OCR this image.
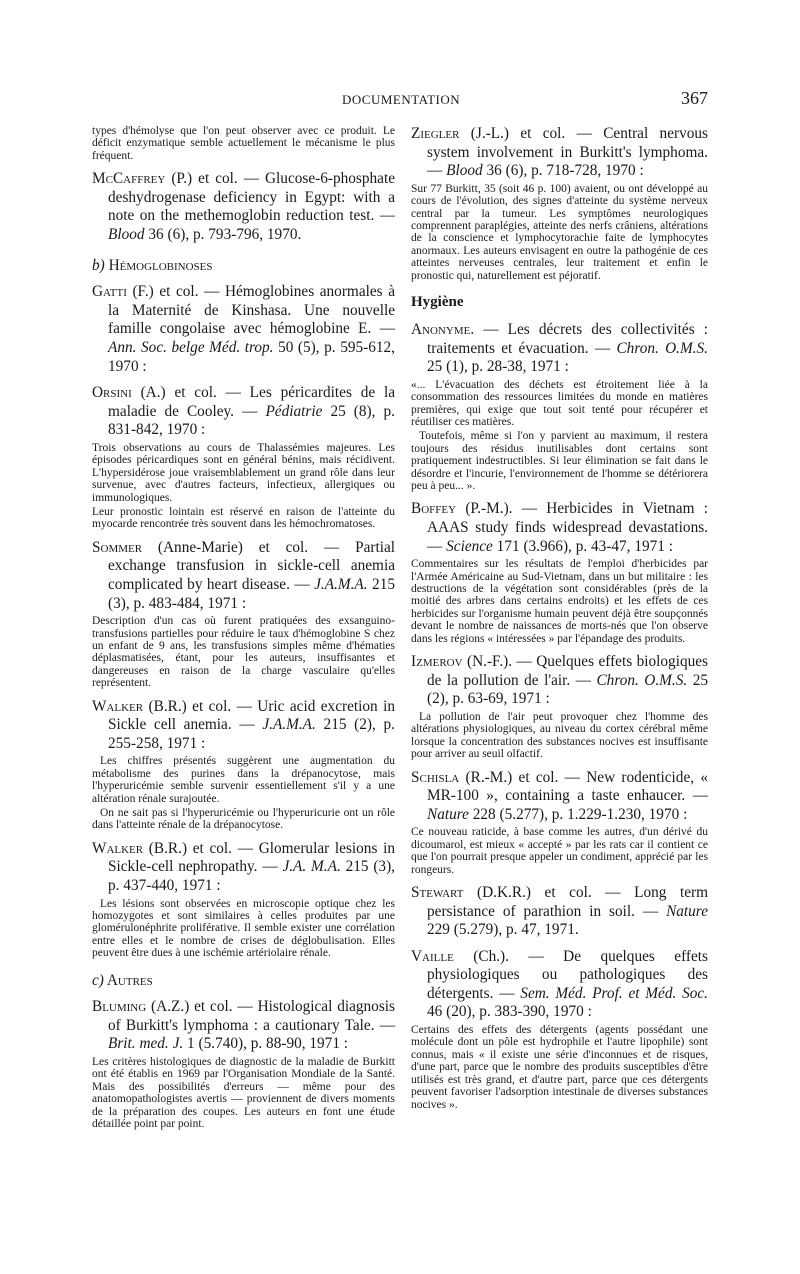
DOCUMENTATION	367

types d'hémolyse que l'on peut observer avec ce produit. Le déficit enzymatique semble actuellement le mécanisme le plus fréquent.

McCaffrey (P.) et col. — Glucose-6-phosphate deshydrogenase deficiency in Egypt: with a note on the methemoglobin reduction test. — Blood 36 (6), p. 793-796, 1970.

b) Hémoglobinoses

Gatti (F.) et col. — Hémoglobines anormales à la Maternité de Kinshasa. Une nouvelle famille congolaise avec hémoglobine E. — Ann. Soc. belge Méd. trop. 50 (5), p. 595-612, 1970 :

Orsini (A.) et col. — Les péricardites de la maladie de Cooley. — Pédiatrie 25 (8), p. 831-842, 1970 :

Trois observations au cours de Thalassémies majeures. Les épisodes péricardiques sont en général bénins, mais récidivent. L'hypersidérose joue vraisemblablement un grand rôle dans leur survenue, avec d'autres facteurs, infectieux, allergiques ou immunologiques.

Leur pronostic lointain est réservé en raison de l'atteinte du myocarde rencontrée très souvent dans les hémochromatoses.

Sommer (Anne-Marie) et col. — Partial exchange transfusion in sickle-cell anemia complicated by heart disease. — J.A.M.A. 215 (3), p. 483-484, 1971 :

Description d'un cas où furent pratiquées des exsanguino-transfusions partielles pour réduire le taux d'hémoglobine S chez un enfant de 9 ans, les transfusions simples même d'hématies déplasmatisées, étant, pour les auteurs, insuffisantes et dangereuses en raison de la charge vasculaire qu'elles représentent.

Walker (B.R.) et col. — Uric acid excretion in Sickle cell anemia. — J.A.M.A. 215 (2), p. 255-258, 1971 :

Les chiffres présentés suggèrent une augmentation du métabolisme des purines dans la drépanocytose, mais l'hyperuricémie semble survenir essentiellement s'il y a une altération rénale surajoutée.

On ne sait pas si l'hyperuricémie ou l'hyperuricurie ont un rôle dans l'atteinte rénale de la drépanocytose.

Walker (B.R.) et col. — Glomerular lesions in Sickle-cell nephropathy. — J.A. M.A. 215 (3), p. 437-440, 1971 :

Les lésions sont observées en microscopie optique chez les homozygotes et sont similaires à celles produites par une glomérulonéphrite proliférative. Il semble exister une corrélation entre elles et le nombre de crises de déglobulisation. Elles peuvent être dues à une ischémie artériolaire rénale.

c) Autres

Bluming (A.Z.) et col. — Histological diagnosis of Burkitt's lymphoma : a cautionary Tale. — Brit. med. J. 1 (5.740), p. 88-90, 1971 :

Les critères histologiques de diagnostic de la maladie de Burkitt ont été établis en 1969 par l'Organisation Mondiale de la Santé. Mais des possibilités d'erreurs — même pour des anatomopathologistes avertis — proviennent de divers moments de la préparation des coupes. Les auteurs en font une étude détaillée point par point.

Ziegler (J.-L.) et col. — Central nervous system involvement in Burkitt's lymphoma. — Blood 36 (6), p. 718-728, 1970 :

Sur 77 Burkitt, 35 (soit 46 p. 100) avaient, ou ont développé au cours de l'évolution, des signes d'atteinte du système nerveux central par la tumeur. Les symptômes neurologiques comprennent paraplégies, atteinte des nerfs crâniens, altérations de la conscience et lymphocytorachie faite de lymphocytes anormaux. Les auteurs envisagent en outre la pathogénie de ces atteintes nerveuses centrales, leur traitement et enfin le pronostic qui, naturellement est péjoratif.

Hygiène

Anonyme. — Les décrets des collectivités : traitements et évacuation. — Chron. O.M.S. 25 (1), p. 28-38, 1971 :

«... L'évacuation des déchets est étroitement liée à la consommation des ressources limitées du monde en matières premières, qui exige que tout soit tenté pour récupérer et réutiliser ces matières.

Toutefois, même si l'on y parvient au maximum, il restera toujours des résidus inutilisables dont certains sont pratiquement indestructibles. Si leur élimination se fait dans le désordre et l'incurie, l'environnement de l'homme se détériorera peu à peu... ».

Boffey (P.-M.). — Herbicides in Vietnam : AAAS study finds widespread devastations. — Science 171 (3.966), p. 43-47, 1971 :

Commentaires sur les résultats de l'emploi d'herbicides par l'Armée Américaine au Sud-Vietnam, dans un but militaire : les destructions de la végétation sont considérables (près de la moitié des arbres dans certains endroits) et les effets de ces herbicides sur l'organisme humain peuvent déjà être soupçonnés devant le nombre de naissances de morts-nés que l'on observe dans les régions « intéressées » par l'épandage des produits.

Izmerov (N.-F.). — Quelques effets biologiques de la pollution de l'air. — Chron. O.M.S. 25 (2), p. 63-69, 1971 :

La pollution de l'air peut provoquer chez l'homme des altérations physiologiques, au niveau du cortex cérébral même lorsque la concentration des substances nocives est insuffisante pour arriver au seuil olfactif.

Schisla (R.-M.) et col. — New rodenticide, « MR-100 », containing a taste enhaucer. — Nature 228 (5.277), p. 1.229-1.230, 1970 :

Ce nouveau raticide, à base comme les autres, d'un dérivé du dicoumarol, est mieux « accepté » par les rats car il contient ce que l'on pourrait presque appeler un condiment, apprécié par les rongeurs.

Stewart (D.K.R.) et col. — Long term persistance of parathion in soil. — Nature 229 (5.279), p. 47, 1971.

Vaille (Ch.). — De quelques effets physiologiques ou pathologiques des détergents. — Sem. Méd. Prof. et Méd. Soc. 46 (20), p. 383-390, 1970 :

Certains des effets des détergents (agents possédant une molécule dont un pôle est hydrophile et l'autre lipophile) sont connus, mais « il existe une série d'inconnues et de risques, d'une part, parce que le nombre des produits susceptibles d'être utilisés est très grand, et d'autre part, parce que ces détergents peuvent favoriser l'adsorption intestinale de diverses substances nocives ».
